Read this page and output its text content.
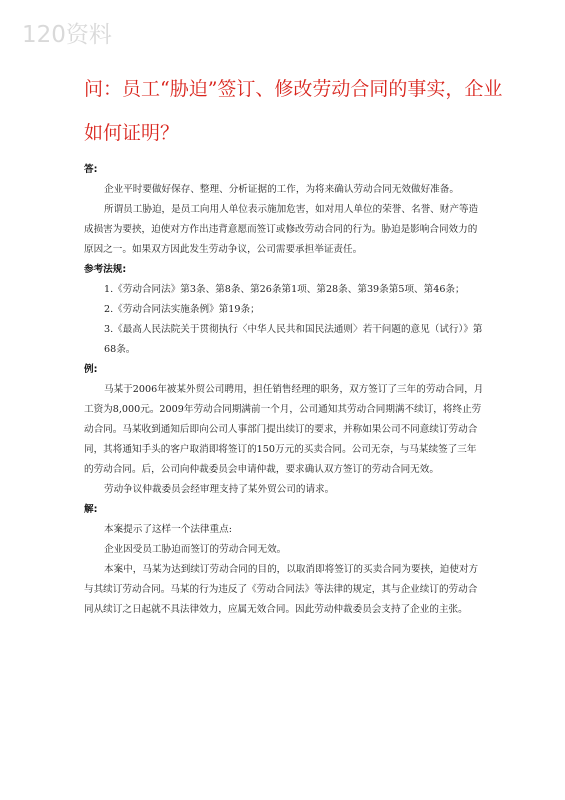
120资料
问：员工“胁迫”签订、修改劳动合同的事实，企业
如何证明？
答:
企业平时要做好保存、整理、分析证据的工作，为将来确认劳动合同无效做好准备。
所谓员工胁迫，是员工向用人单位表示施加危害，如对用人单位的荣誉、名誉、财产等造成损害为要挟，迫使对方作出违背意愿而签订或修改劳动合同的行为。胁迫是影响合同效力的原因之一。如果双方因此发生劳动争议，公司需要承担举证责任。
参考法规:
1.《劳动合同法》第3条、第8条、第26条第1项、第28条、第39条第5项、第46条；
2.《劳动合同法实施条例》第19条；
3.《最高人民法院关于贯彻执行〈中华人民共和国民法通则〉若干问题的意见（试行）》第68条。
例:
马某于2006年被某外贸公司聘用，担任销售经理的职务，双方签订了三年的劳动合同，月工资为8,000元。2009年劳动合同期满前一个月，公司通知其劳动合同期满不续订，将终止劳动合同。马某收到通知后即向公司人事部门提出续订的要求，并称如果公司不同意续订劳动合同，其将通知手头的客户取消即将签订的150万元的买卖合同。公司无奈，与马某续签了三年的劳动合同。后，公司向仲裁委员会申请仲裁，要求确认双方签订的劳动合同无效。
劳动争议仲裁委员会经审理支持了某外贸公司的请求。
解:
本案提示了这样一个法律重点:
企业因受员工胁迫而签订的劳动合同无效。
本案中，马某为达到续订劳动合同的目的，以取消即将签订的买卖合同为要挟，迫使对方与其续订劳动合同。马某的行为违反了《劳动合同法》等法律的规定，其与企业续订的劳动合同从续订之日起就不具法律效力，应属无效合同。因此劳动仲裁委员会支持了企业的主张。
